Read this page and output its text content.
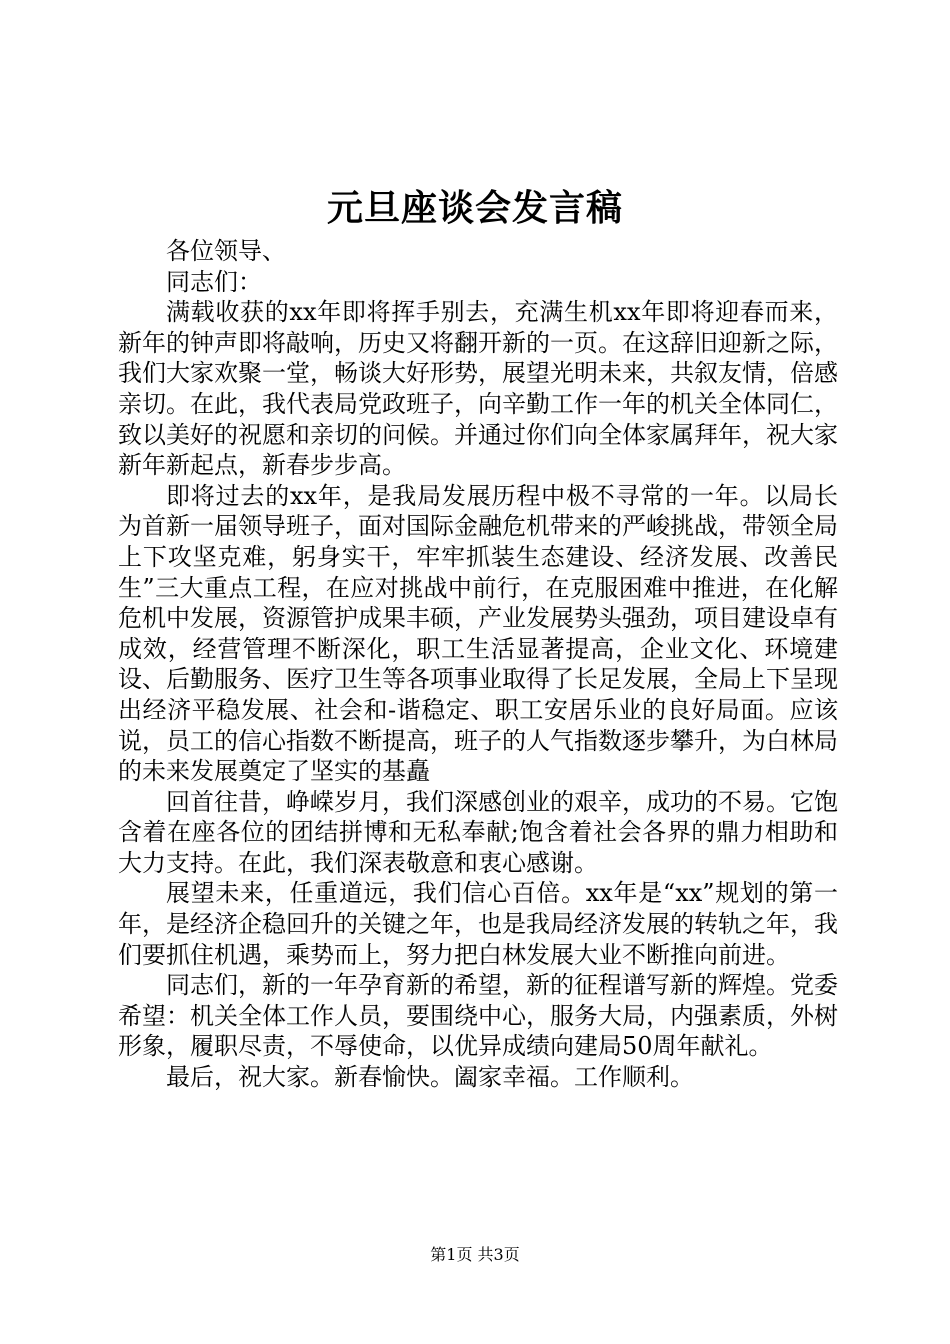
元旦座谈会发言稿

各位领导、

同志们：

满载收获的xx年即将挥手别去，充满生机xx年即将迎春而来，新年的钟声即将敲响，历史又将翻开新的一页。在这辞旧迎新之际，我们大家欢聚一堂，畅谈大好形势，展望光明未来，共叙友情，倍感亲切。在此，我代表局党政班子，向辛勤工作一年的机关全体同仁，致以美好的祝愿和亲切的问候。并通过你们向全体家属拜年，祝大家新年新起点，新春步步高。

即将过去的xx年，是我局发展历程中极不寻常的一年。以局长为首新一届领导班子，面对国际金融危机带来的严峻挑战，带领全局上下攻坚克难，躬身实干，牢牢抓装生态建设、经济发展、改善民生”三大重点工程，在应对挑战中前行，在克服困难中推进，在化解危机中发展，资源管护成果丰硕，产业发展势头强劲，项目建设卓有成效，经营管理不断深化，职工生活显著提高，企业文化、环境建设、后勤服务、医疗卫生等各项事业取得了长足发展，全局上下呈现出经济平稳发展、社会和-谐稳定、职工安居乐业的良好局面。应该说，员工的信心指数不断提高，班子的人气指数逐步攀升，为白林局的未来发展奠定了坚实的基矗

回首往昔，峥嵘岁月，我们深感创业的艰辛，成功的不易。它饱含着在座各位的团结拼博和无私奉献;饱含着社会各界的鼎力相助和大力支持。在此，我们深表敬意和衷心感谢。

展望未来，任重道远，我们信心百倍。xx年是“xx”规划的第一年，是经济企稳回升的关键之年，也是我局经济发展的转轨之年，我们要抓住机遇，乘势而上，努力把白林发展大业不断推向前进。

同志们，新的一年孕育新的希望，新的征程谱写新的辉煌。党委希望：机关全体工作人员，要围绕中心，服务大局，内强素质，外树形象，履职尽责，不辱使命，以优异成绩向建局50周年献礼。

最后，祝大家。新春愉快。阖家幸福。工作顺利。

第1页 共3页
